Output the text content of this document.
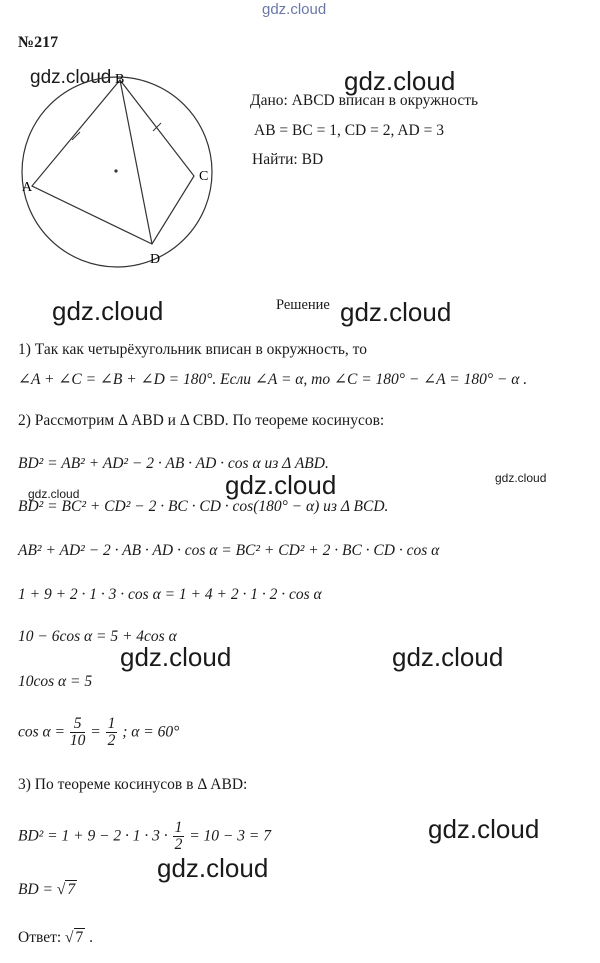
gdz.cloud
gdz.cloud	gdz.cloud
gdz.cloud	gdz.cloud
gdz.cloud
gdz.cloud	gdz.cloud
gdz.cloud	gdz.cloud
gdz.cloud
gdz.cloud
№217
B
A
C
D
Дано: ABCD вписан в окружность
AB = BC = 1, CD = 2, AD = 3
Найти: BD
Решение
1) Так как четырёхугольник вписан в окружность, то
∠A + ∠C = ∠B + ∠D = 180°. Если ∠A = α, то ∠C = 180° − ∠A = 180° − α .
2) Рассмотрим Δ ABD и Δ CBD. По теореме косинусов:
BD² = AB² + AD² − 2 · AB · AD · cos α из Δ ABD.
BD² = BC² + CD² − 2 · BC · CD · cos(180° − α) из Δ BCD.
AB² + AD² − 2 · AB · AD · cos α = BC² + CD² + 2 · BC · CD · cos α
1 + 9 + 2 · 1 · 3 · cos α = 1 + 4 + 2 · 1 · 2 · cos α
10 − 6cos α = 5 + 4cos α
10cos α = 5
$\cos \alpha = \frac{5}{10} = \frac{1}{2}$ ; α = 60°
3) По теореме косинусов в Δ ABD:
$BD^2 = 1 + 9 - 2 \cdot 1 \cdot 3 \cdot \frac{1}{2} = 10 - 3 = 7$
BD = √ 7
Ответ: √ 7 .
